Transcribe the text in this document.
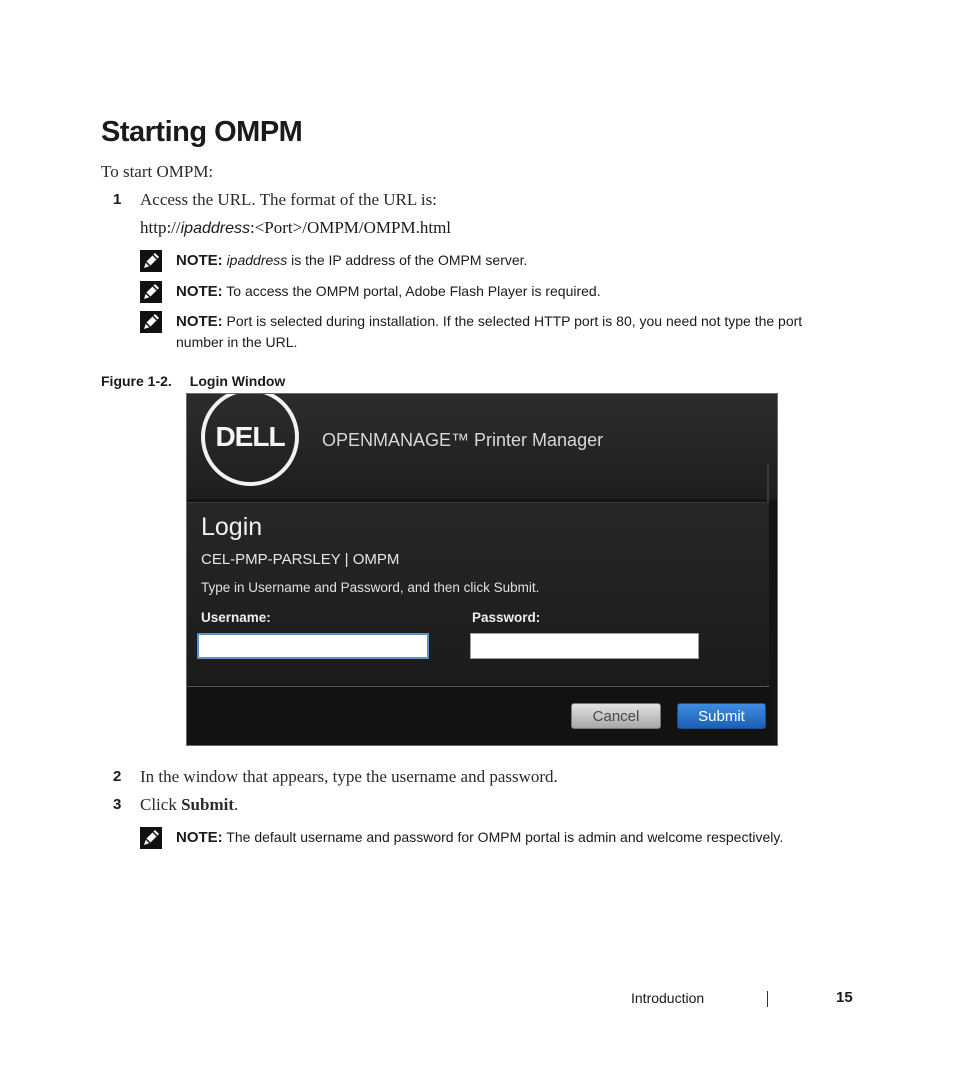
Starting OMPM
To start OMPM:
1 Access the URL. The format of the URL is:
http://ipaddress:<Port>/OMPM/OMPM.html
NOTE: ipaddress is the IP address of the OMPM server.
NOTE: To access the OMPM portal, Adobe Flash Player is required.
NOTE: Port is selected during installation. If the selected HTTP port is 80, you need not type the port number in the URL.
Figure 1-2. Login Window
DELL	OPENMANAGE™ Printer Manager
Login
CEL-PMP-PARSLEY | OMPM
Type in Username and Password, and then click Submit.
Username:	Password:
Cancel	Submit
2 In the window that appears, type the username and password.
3 Click Submit.
NOTE: The default username and password for OMPM portal is admin and welcome respectively.
Introduction	15
